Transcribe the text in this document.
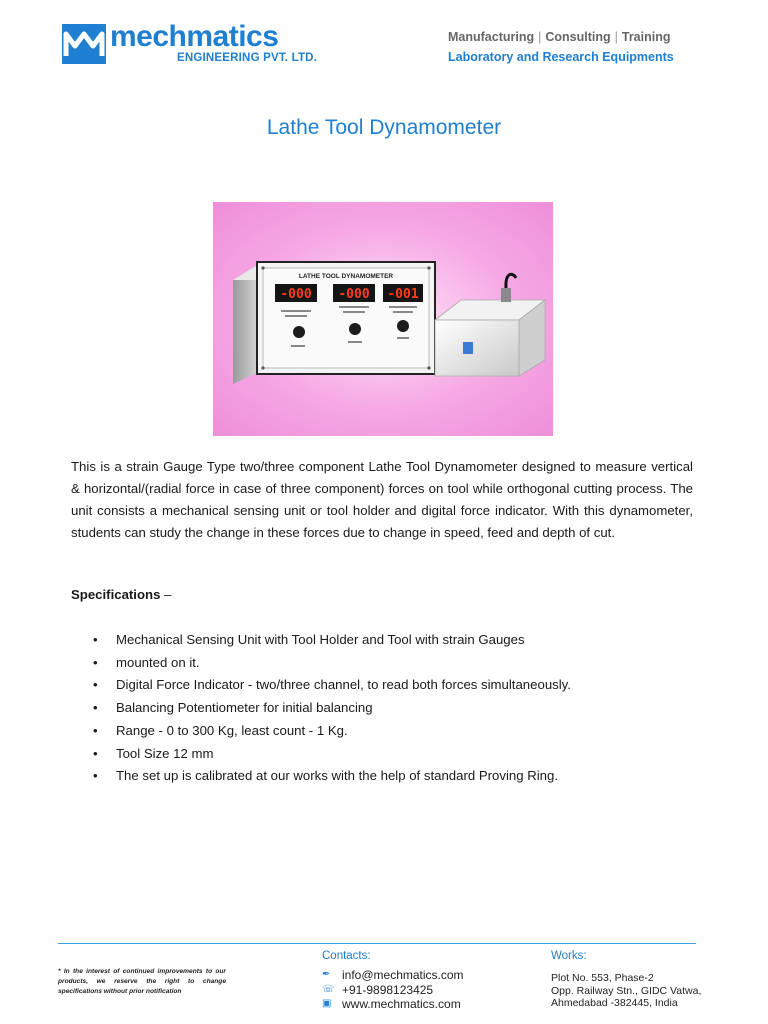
mechmatics
ENGINEERING PVT. LTD.
Manufacturing | Consulting | Training
Laboratory and Research Equipments
Lathe Tool Dynamometer
LATHE TOOL DYNAMOMETER
-000 -000 -001
This is a strain Gauge Type two/three component Lathe Tool Dynamometer designed to measure vertical & horizontal/(radial force in case of three component) forces on tool while orthogonal cutting process. The unit consists a mechanical sensing unit or tool holder and digital force indicator. With this dynamometer, students can study the change in these forces due to change in speed, feed and depth of cut.
Specifications –
• Mechanical Sensing Unit with Tool Holder and Tool with strain Gauges
• mounted on it.
• Digital Force Indicator - two/three channel, to read both forces simultaneously.
• Balancing Potentiometer for initial balancing
• Range - 0 to 300 Kg, least count - 1 Kg.
• Tool Size 12 mm
• The set up is calibrated at our works with the help of standard Proving Ring.
* In the interest of continued improvements to our products, we reserve the right to change specifications without prior notification
Contacts:
✒ info@mechmatics.com
☏ +91-9898123425
▣ www.mechmatics.com
Works:
Plot No. 553, Phase-2
Opp. Railway Stn., GIDC Vatwa,
Ahmedabad -382445, India
